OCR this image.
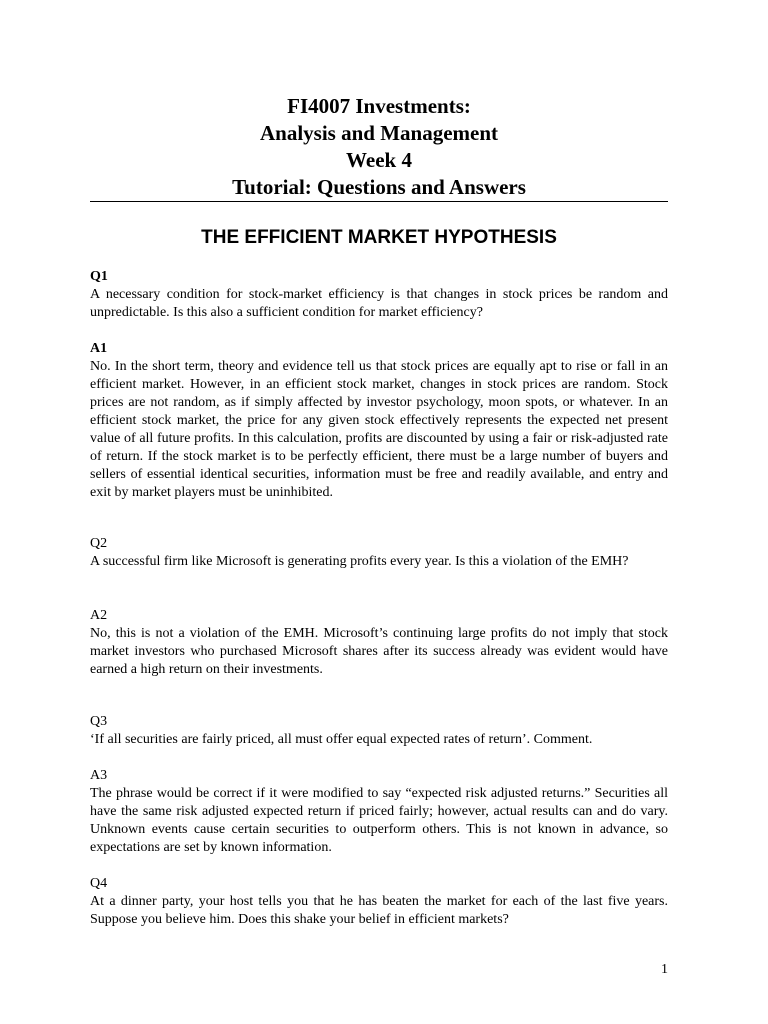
FI4007 Investments:
Analysis and Management
Week 4
Tutorial: Questions and Answers
THE EFFICIENT MARKET HYPOTHESIS
Q1
A necessary condition for stock-market efficiency is that changes in stock prices be random and unpredictable. Is this also a sufficient condition for market efficiency?
A1
No. In the short term, theory and evidence tell us that stock prices are equally apt to rise or fall in an efficient market. However, in an efficient stock market, changes in stock prices are random. Stock prices are not random, as if simply affected by investor psychology, moon spots, or whatever. In an efficient stock market, the price for any given stock effectively represents the expected net present value of all future profits. In this calculation, profits are discounted by using a fair or risk-adjusted rate of return. If the stock market is to be perfectly efficient, there must be a large number of buyers and sellers of essential identical securities, information must be free and readily available, and entry and exit by market players must be uninhibited.
Q2
A successful firm like Microsoft is generating profits every year. Is this a violation of the EMH?
A2
No, this is not a violation of the EMH. Microsoft’s continuing large profits do not imply that stock market investors who purchased Microsoft shares after its success already was evident would have earned a high return on their investments.
Q3
‘If all securities are fairly priced, all must offer equal expected rates of return’. Comment.
A3
The phrase would be correct if it were modified to say “expected risk adjusted returns.” Securities all have the same risk adjusted expected return if priced fairly; however, actual results can and do vary. Unknown events cause certain securities to outperform others. This is not known in advance, so expectations are set by known information.
Q4
At a dinner party, your host tells you that he has beaten the market for each of the last five years. Suppose you believe him. Does this shake your belief in efficient markets?
1
